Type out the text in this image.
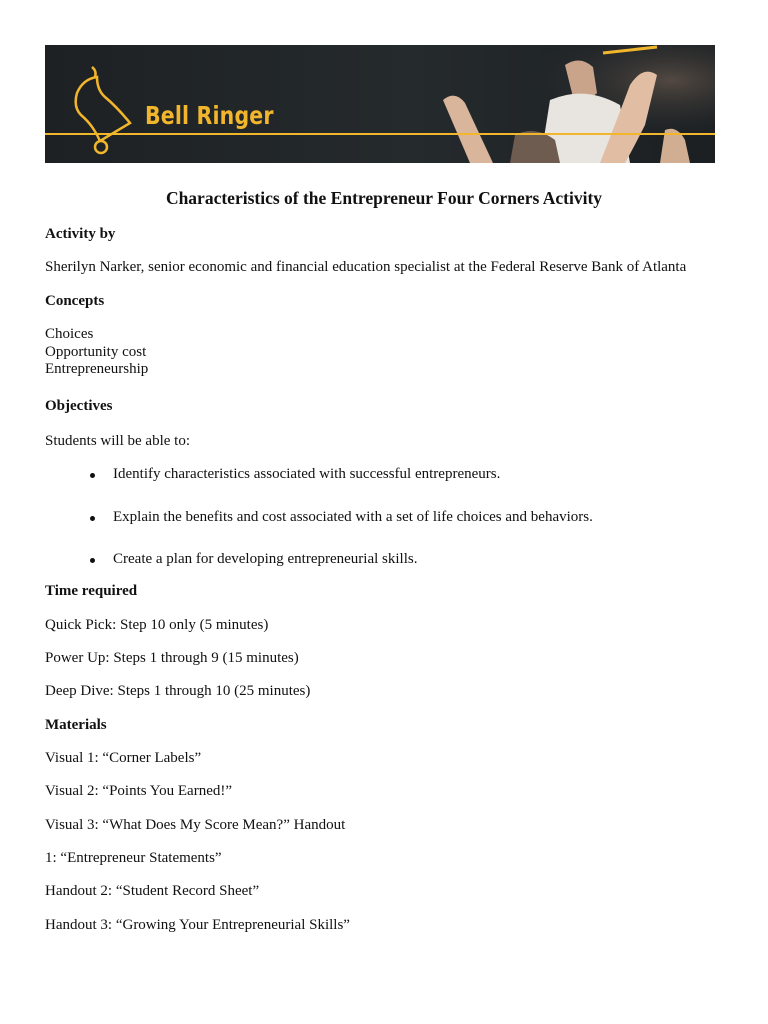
Bell Ringer
Characteristics of the Entrepreneur Four Corners Activity

Activity by

Sherilyn Narker, senior economic and financial education specialist at the Federal Reserve Bank of Atlanta

Concepts

Choices

Opportunity cost

Entrepreneurship

Objectives

Students will be able to:

Identify characteristics associated with successful entrepreneurs.
Explain the benefits and cost associated with a set of life choices and behaviors.
Create a plan for developing entrepreneurial skills.

Time required

Quick Pick: Step 10 only (5 minutes)

Power Up: Steps 1 through 9 (15 minutes)

Deep Dive: Steps 1 through 10 (25 minutes)

Materials

Visual 1: “Corner Labels”

Visual 2: “Points You Earned!”

Visual 3: “What Does My Score Mean?” Handout

1: “Entrepreneur Statements”

Handout 2: “Student Record Sheet”

Handout 3: “Growing Your Entrepreneurial Skills”
